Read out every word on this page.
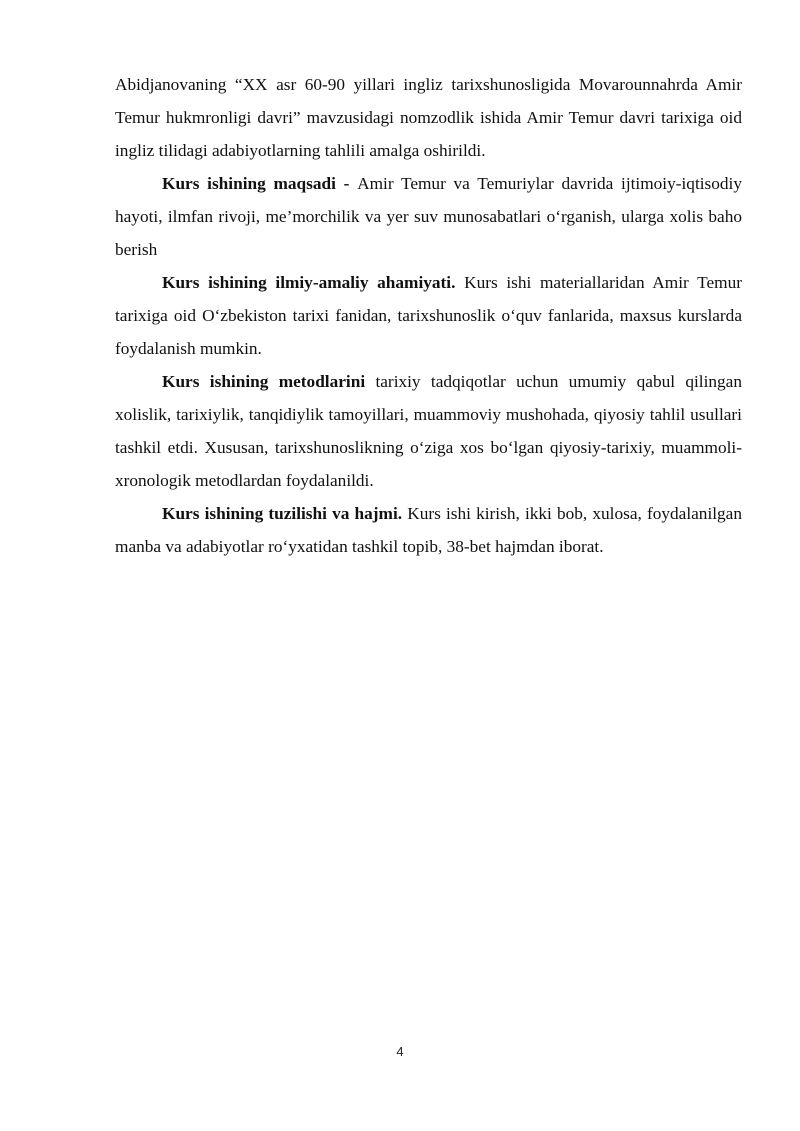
Abidjanovaning “XX asr 60-90 yillari ingliz tarixshunosligida Movarounnahrda Amir Temur hukmronligi davri” mavzusidagi nomzodlik ishida Amir Temur davri tarixiga oid ingliz tilidagi adabiyotlarning tahlili amalga oshirildi.

Kurs ishining maqsadi - Amir Temur va Temuriylar davrida ijtimoiy-iqtisodiy hayoti, ilmfan rivoji, me’morchilik va yer suv munosabatlari o‘rganish, ularga xolis baho berish

Kurs ishining ilmiy-amaliy ahamiyati. Kurs ishi materiallaridan Amir Temur tarixiga oid O‘zbekiston tarixi fanidan, tarixshunoslik o‘quv fanlarida, maxsus kurslarda foydalanish mumkin.

Kurs ishining metodlarini tarixiy tadqiqotlar uchun umumiy qabul qilingan xolislik, tarixiylik, tanqidiylik tamoyillari, muammoviy mushohada, qiyosiy tahlil usullari tashkil etdi. Xususan, tarixshunoslikning o‘ziga xos bo‘lgan qiyosiy-tarixiy, muammoli-xronologik metodlardan foydalanildi.

Kurs ishining tuzilishi va hajmi. Kurs ishi kirish, ikki bob, xulosa, foydalanilgan manba va adabiyotlar ro‘yxatidan tashkil topib, 38-bet hajmdan iborat.

4
